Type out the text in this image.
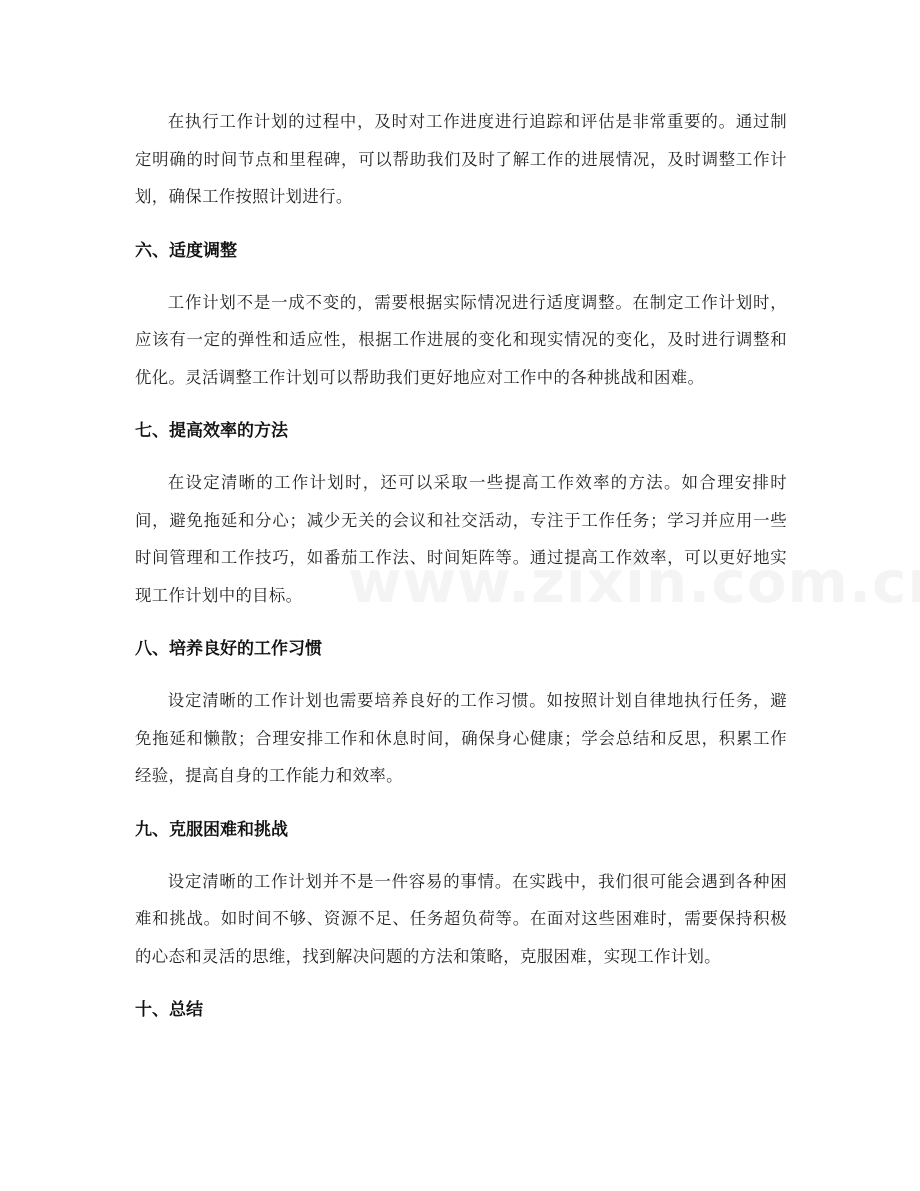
在执行工作计划的过程中，及时对工作进度进行追踪和评估是非常重要的。通过制定明确的时间节点和里程碑，可以帮助我们及时了解工作的进展情况，及时调整工作计划，确保工作按照计划进行。

六、适度调整

工作计划不是一成不变的，需要根据实际情况进行适度调整。在制定工作计划时，应该有一定的弹性和适应性，根据工作进展的变化和现实情况的变化，及时进行调整和优化。灵活调整工作计划可以帮助我们更好地应对工作中的各种挑战和困难。

七、提高效率的方法

在设定清晰的工作计划时，还可以采取一些提高工作效率的方法。如合理安排时间，避免拖延和分心；减少无关的会议和社交活动，专注于工作任务；学习并应用一些时间管理和工作技巧，如番茄工作法、时间矩阵等。通过提高工作效率，可以更好地实现工作计划中的目标。

八、培养良好的工作习惯

设定清晰的工作计划也需要培养良好的工作习惯。如按照计划自律地执行任务，避免拖延和懒散；合理安排工作和休息时间，确保身心健康；学会总结和反思，积累工作经验，提高自身的工作能力和效率。

九、克服困难和挑战

设定清晰的工作计划并不是一件容易的事情。在实践中，我们很可能会遇到各种困难和挑战。如时间不够、资源不足、任务超负荷等。在面对这些困难时，需要保持积极的心态和灵活的思维，找到解决问题的方法和策略，克服困难，实现工作计划。

十、总结
